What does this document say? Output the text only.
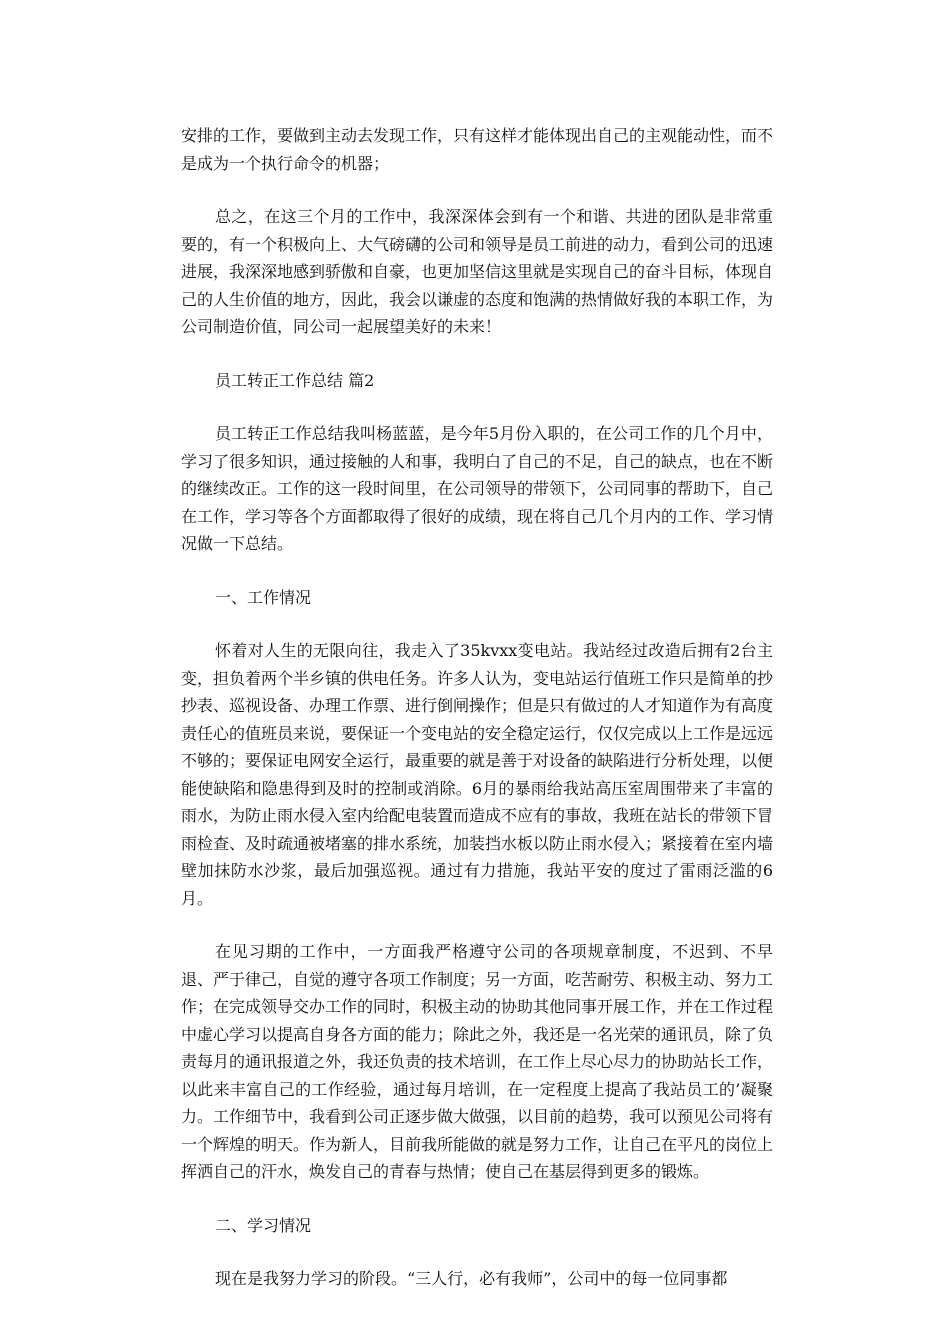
安排的工作，要做到主动去发现工作，只有这样才能体现出自己的主观能动性，而不是成为一个执行命令的机器；

总之，在这三个月的工作中，我深深体会到有一个和谐、共进的团队是非常重要的，有一个积极向上、大气磅礴的公司和领导是员工前进的动力，看到公司的迅速进展，我深深地感到骄傲和自豪，也更加坚信这里就是实现自己的奋斗目标，体现自己的人生价值的地方，因此，我会以谦虚的态度和饱满的热情做好我的本职工作，为公司制造价值，同公司一起展望美好的未来！

员工转正工作总结 篇2

员工转正工作总结我叫杨蓝蓝，是今年5月份入职的，在公司工作的几个月中，学习了很多知识，通过接触的人和事，我明白了自己的不足，自己的缺点，也在不断的继续改正。工作的这一段时间里，在公司领导的带领下，公司同事的帮助下，自己在工作，学习等各个方面都取得了很好的成绩，现在将自己几个月内的工作、学习情况做一下总结。

一、工作情况

怀着对人生的无限向往，我走入了35kvxx变电站。我站经过改造后拥有2台主变，担负着两个半乡镇的供电任务。许多人认为，变电站运行值班工作只是简单的抄抄表、巡视设备、办理工作票、进行倒闸操作；但是只有做过的人才知道作为有高度责任心的值班员来说，要保证一个变电站的安全稳定运行，仅仅完成以上工作是远远不够的；要保证电网安全运行，最重要的就是善于对设备的缺陷进行分析处理，以便能使缺陷和隐患得到及时的控制或消除。6月的暴雨给我站高压室周围带来了丰富的雨水，为防止雨水侵入室内给配电装置而造成不应有的事故，我班在站长的带领下冒雨检查、及时疏通被堵塞的排水系统，加装挡水板以防止雨水侵入；紧接着在室内墙壁加抹防水沙浆，最后加强巡视。通过有力措施，我站平安的度过了雷雨泛滥的6月。

在见习期的工作中，一方面我严格遵守公司的各项规章制度，不迟到、不早退、严于律己，自觉的遵守各项工作制度；另一方面，吃苦耐劳、积极主动、努力工作；在完成领导交办工作的同时，积极主动的协助其他同事开展工作，并在工作过程中虚心学习以提高自身各方面的能力；除此之外，我还是一名光荣的通讯员，除了负责每月的通讯报道之外，我还负责的技术培训，在工作上尽心尽力的协助站长工作，以此来丰富自己的工作经验，通过每月培训，在一定程度上提高了我站员工的’凝聚力。工作细节中，我看到公司正逐步做大做强，以目前的趋势，我可以预见公司将有一个辉煌的明天。作为新人，目前我所能做的就是努力工作，让自己在平凡的岗位上挥洒自己的汗水，焕发自己的青春与热情；使自己在基层得到更多的锻炼。

二、学习情况

现在是我努力学习的阶段。“三人行，必有我师”，公司中的每一位同事都
